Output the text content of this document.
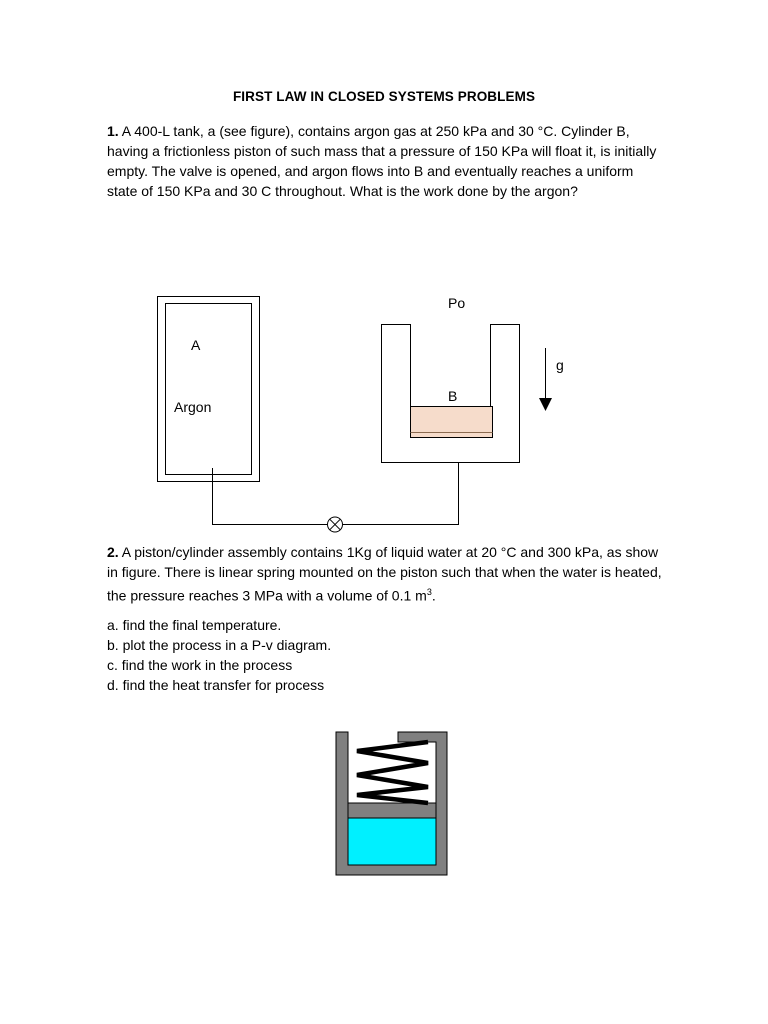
FIRST LAW IN CLOSED SYSTEMS PROBLEMS
1. A 400-L tank, a (see figure), contains argon gas at 250 kPa and 30 °C. Cylinder B, having a frictionless piston of such mass that a pressure of 150 KPa will float it, is initially empty. The valve is opened, and argon flows into B and eventually reaches a uniform state of 150 KPa and 30 C throughout. What is the work done by the argon?
A
Argon
Po
B
g
2. A piston/cylinder assembly contains 1Kg of liquid water at 20 °C and 300 kPa, as show in figure. There is linear spring mounted on the piston such that when the water is heated, the pressure reaches 3 MPa with a volume of 0.1 $m^3$.
a. find the final temperature.
b. plot the process in a P-v diagram.
c. find the work in the process
d. find the heat transfer for process
